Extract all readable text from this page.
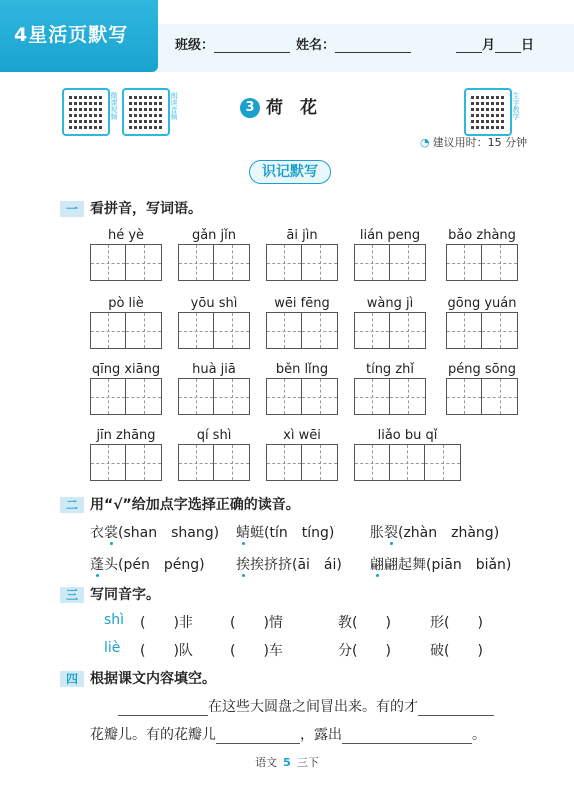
4星活页默写	班级：	姓名：	月 日
微课视频	朗读音频	生字教学
3 荷　花
◔ 建议用时：15 分钟
识记默写
一 看拼音，写词语。
hé yè	gǎn jǐn	āi jìn	lián peng	bǎo zhàng
pò liè	yōu shì	wēi fēng	wàng jì	gōng yuán
qīng xiāng	huà jiā	běn lǐng	tíng zhǐ	péng sōng
jīn zhāng	qí shì	xì wēi	liǎo bu qǐ
二 用“√”给加点字选择正确的读音。
衣裳(shan　shang) 蜻蜓(tín　tíng)	胀裂(zhàn　zhàng)
蓬头(pén　péng) 挨挨挤挤(āi　ái) 翩翩起舞(piān　biǎn)
三 写同音字。
shì (　　)非	(　　)情	教(　　)	形(　　)
liè (　　)队	(　　)车	分(　　)	破(　　)
四 根据课文内容填空。
在这些大圆盘之间冒出来。有的才
花瓣儿。有的花瓣儿	，露出	。
语文 5 三下
